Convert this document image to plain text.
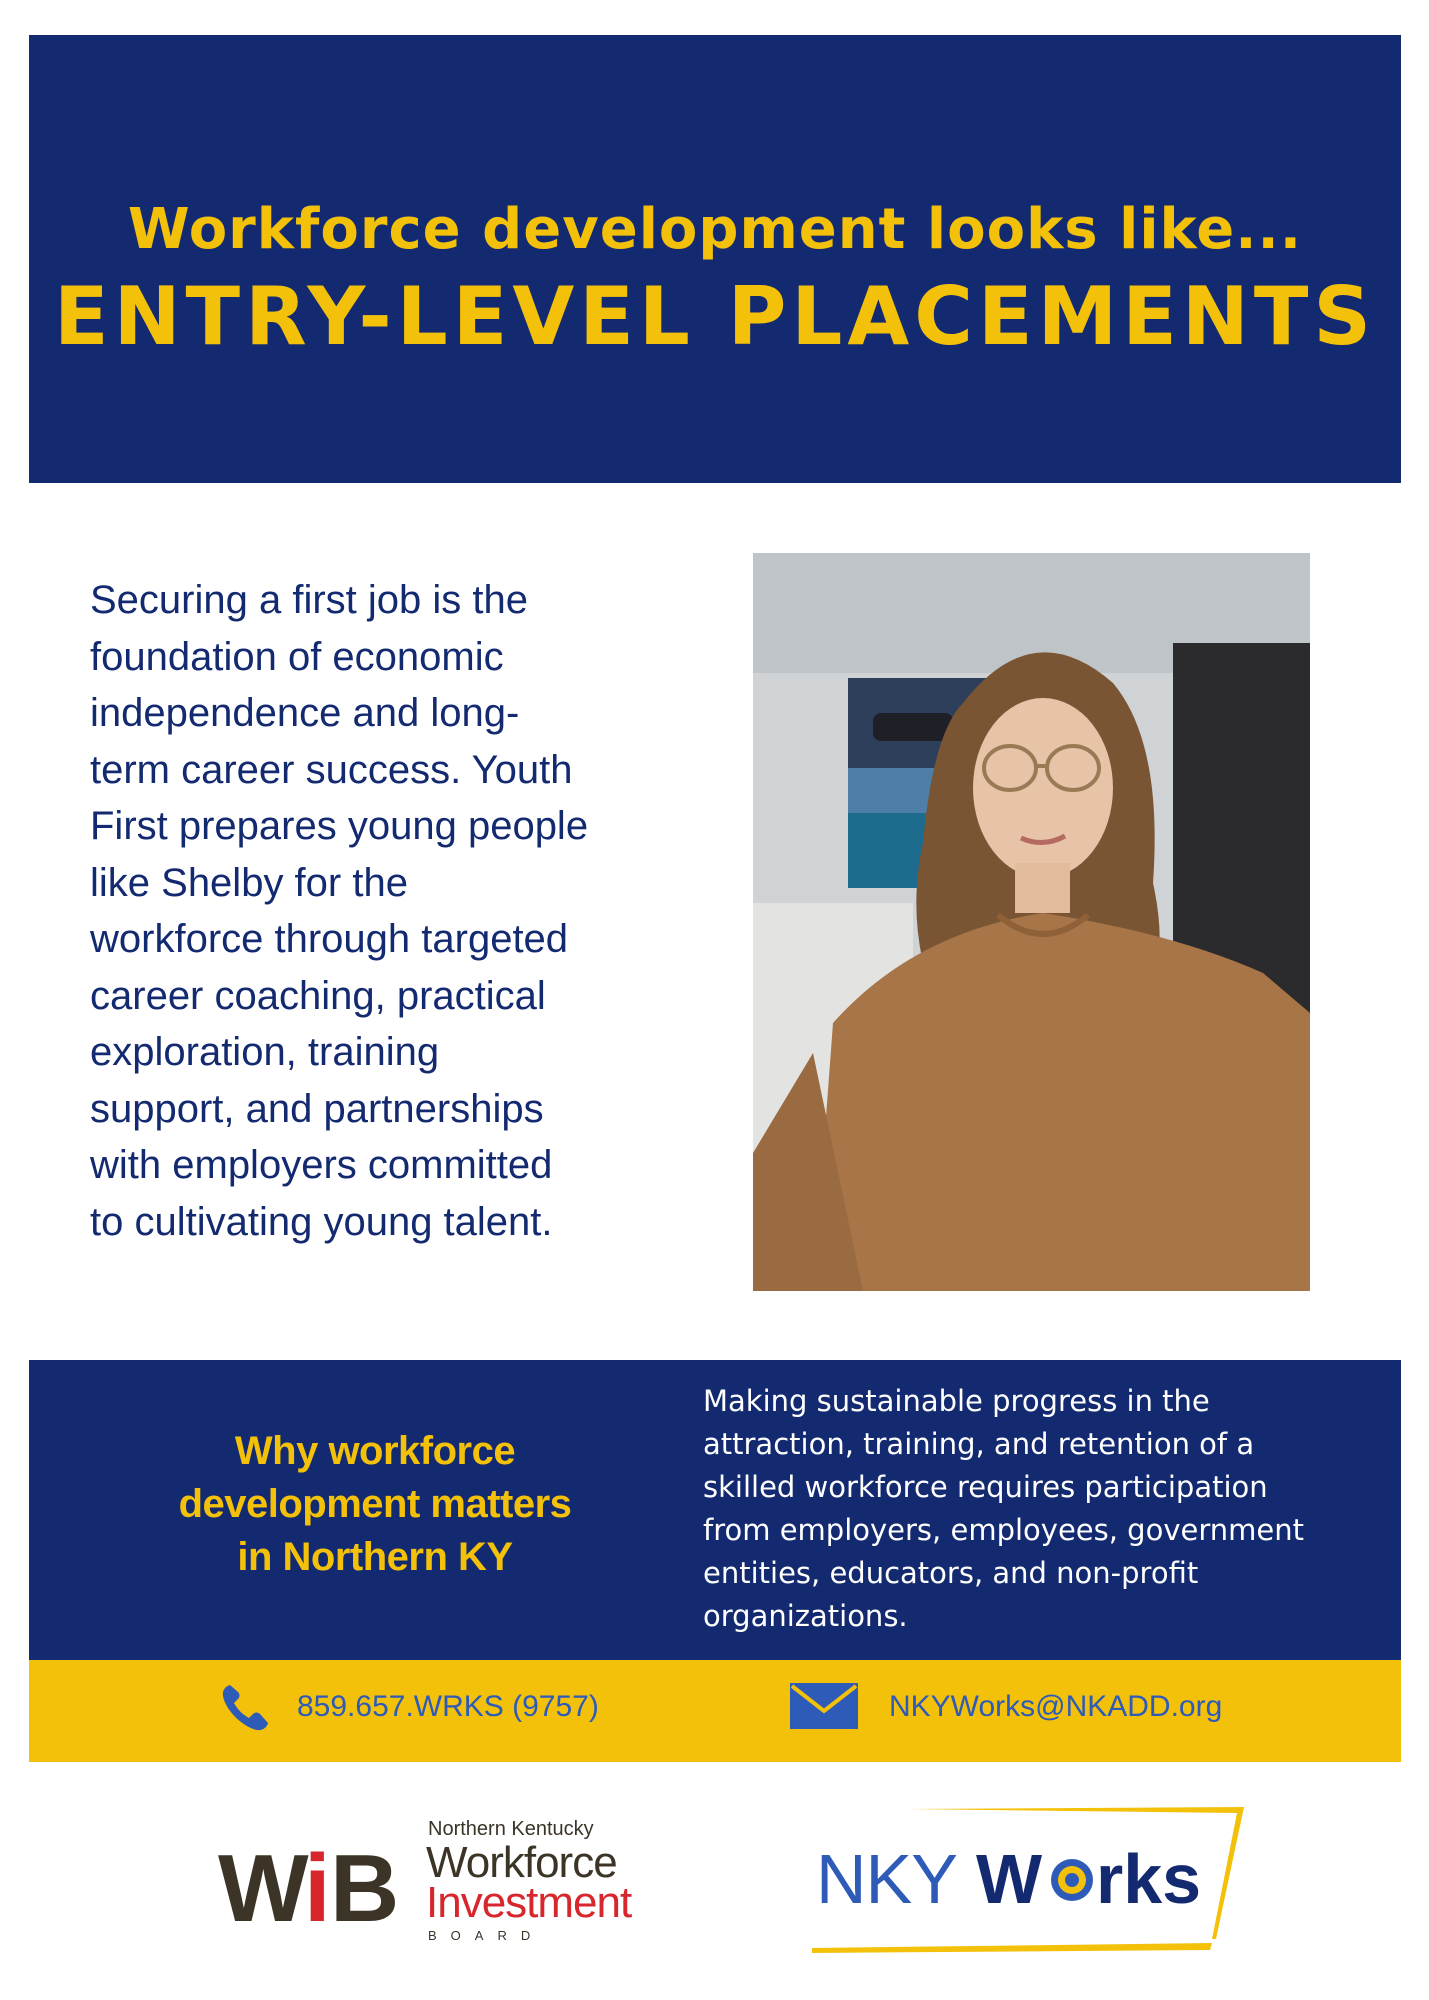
Workforce development looks like...
ENTRY-LEVEL PLACEMENTS
Securing a first job is the
foundation of economic
independence and long-
term career success. Youth
First prepares young people
like Shelby for the
workforce through targeted
career coaching, practical
exploration, training
support, and partnerships
with employers committed
to cultivating young talent.
Why workforce
development matters
in Northern KY
Making sustainable progress in the
attraction, training, and retention of a
skilled workforce requires participation
from employers, employees, government
entities, educators, and non-profit
organizations.
859.657.WRKS (9757)	NKYWorks@NKADD.org
W i B
Northern Kentucky
Workforce
Investment
BOARD
NKY W rks
